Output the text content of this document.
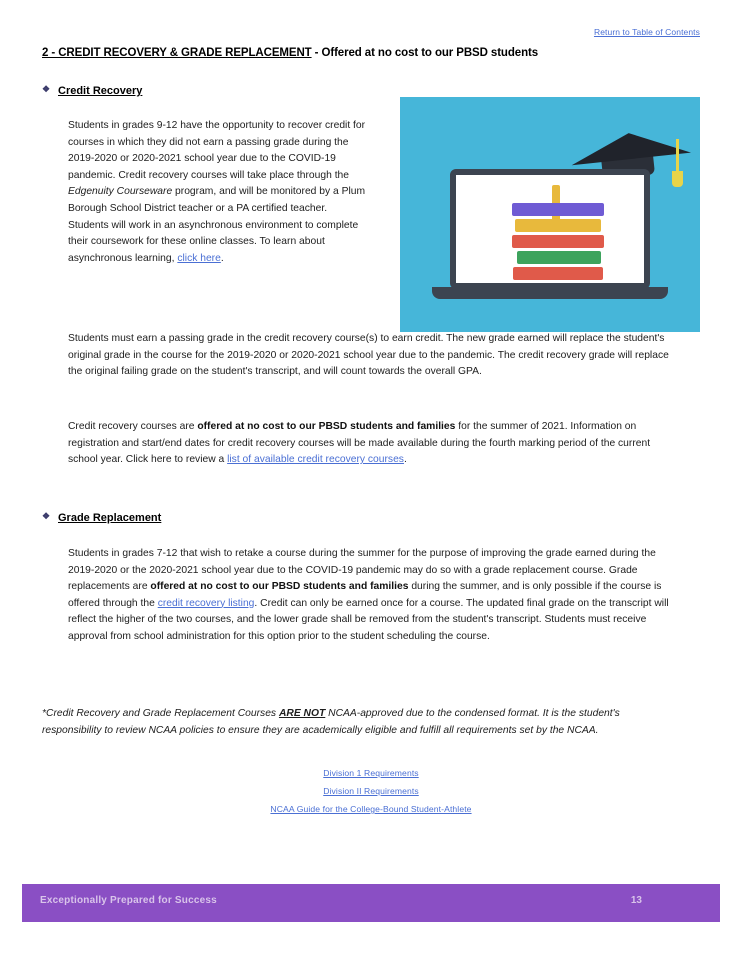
Return to Table of Contents
2 - CREDIT RECOVERY & GRADE REPLACEMENT - Offered at no cost to our PBSD students
❖ Credit Recovery

Students in grades 9-12 have the opportunity to recover credit for courses in which they did not earn a passing grade during the 2019-2020 or 2020-2021 school year due to the COVID-19 pandemic. Credit recovery courses will take place through the Edgenuity Courseware program, and will be monitored by a Plum Borough School District teacher or a PA certified teacher. Students will work in an asynchronous environment to complete their coursework for these online classes. To learn about asynchronous learning, click here.

Students must earn a passing grade in the credit recovery course(s) to earn credit. The new grade earned will replace the student's original grade in the course for the 2019-2020 or 2020-2021 school year due to the pandemic. The credit recovery grade will replace the original failing grade on the student's transcript, and will count towards the overall GPA.

Credit recovery courses are offered at no cost to our PBSD students and families for the summer of 2021. Information on registration and start/end dates for credit recovery courses will be made available during the fourth marking period of the current school year. Click here to review a list of available credit recovery courses.

❖ Grade Replacement

Students in grades 7-12 that wish to retake a course during the summer for the purpose of improving the grade earned during the 2019-2020 or the 2020-2021 school year due to the COVID-19 pandemic may do so with a grade replacement course. Grade replacements are offered at no cost to our PBSD students and families during the summer, and is only possible if the course is offered through the credit recovery listing. Credit can only be earned once for a course. The updated final grade on the transcript will reflect the higher of the two courses, and the lower grade shall be removed from the student's transcript. Students must receive approval from school administration for this option prior to the student scheduling the course.

*Credit Recovery and Grade Replacement Courses ARE NOT NCAA-approved due to the condensed format. It is the student's responsibility to review NCAA policies to ensure they are academically eligible and fulfill all requirements set by the NCAA.

Division 1 Requirements
Division II Requirements
NCAA Guide for the College-Bound Student-Athlete
Exceptionally Prepared for Success	13
